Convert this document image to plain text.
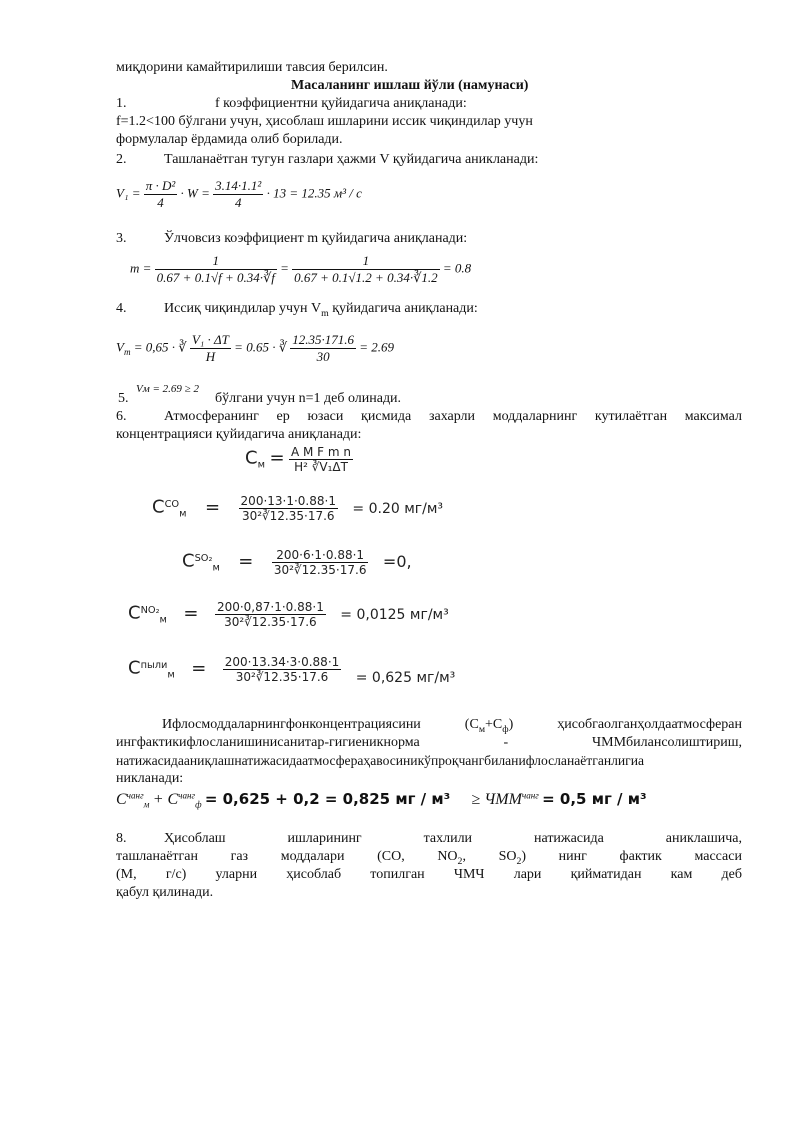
миқдорини камайтирилиши тавсия берилсин.
Масаланинг ишлаш йўли (намунаси)
1.	f коэффициентни қуйидагича аниқланади:
f=1.2<100 бўлгани учун, ҳисоблаш ишларини иссик чиқиндилар учун
формулалар ёрдамида олиб борилади.
2.	Ташланаётган тугун газлари ҳажми V қуйидагича аникланади:
$V_1 = \frac{\text{π · D²}}{4} \cdot W = \frac{\text{3.14·1.1²}}{4} \cdot 13 = 12.35$ м³ / с
3.	Ўлчовсиз коэффициент m қуйидагича аниқланади:
$m = \frac{1}{0.67 + 0.1√f + 0.34\cdot∛f} = \frac{1}{0.67 + 0.1√1.2 + 0.34\cdot∛1.2} = 0.8$
4.	Иссиқ чиқиндилар учун $V_m$ қуйидагича аниқланади:
$V_m = 0,65$ · ∛ $\frac{\text{V₁ · ΔT}}{H} = 0.65$ · ∛ $\frac{12.35\cdot 171.6}{30} = 2.69$
5.
Vм = 2.69 ≥ 2
бўлгани учун n=1 деб олинади.
6.	Атмосферанинг ер юзаси қисмида захарли моддаларнинг кутилаётган максимал
концентрацияси қуйидагича аниқланади:
$С_м = \frac{\text{A M F m n}}{\text{H² ∛V₁ΔT}}$
$C^{CO}_м = \frac{200\cdot 13\cdot 1\cdot 0.88\cdot 1}{\text{30²∛12.35·17.6}} = 0.20$ мг/м³
$C^{SO_2}_м = \frac{200\cdot 6\cdot 1\cdot 0.88\cdot 1}{\text{30²∛12.35·17.6}} =0$,
$C^{NO_2}_м = \frac{200\cdot 0,87\cdot 1\cdot 0.88\cdot 1}{\text{30²∛12.35·17.6}} = 0,0125$ мг/м³
$C^{пыли}_м = \frac{200\cdot 13.34\cdot 3\cdot 0.88\cdot 1}{\text{30²∛12.35·17.6}} = 0,625$ мг/м³
Ифлосмоддаларнингфонконцентрациясини $(С_м+С_ф)$ ҳисобгаолганҳолдаатмосферан
ингфактикифлосланишинисанитар-гигиеникнорма - ЧММбилансолиштириш,
натижасидааниқлашнатижасидаатмосфераҳавосиникўпроқчангбиланифлосланаётганлигиа
никланади:
$C^{чанг}_м + C^{чанг}_ф = 0,625 + 0,2 = 0,825$ мг / $м^3 \ge ЧММ^{чанг} = 0,5$ мг / м³
8.	Ҳисоблаш ишларининг тахлили натижасида аниклашича,
ташланаётган газ моддалари (CO, $NO_2$, $SO_2$) нинг фактик массаси
(М, г/с) уларни ҳисоблаб топилган ЧМЧ лари қийматидан кам деб
қабул қилинади.
